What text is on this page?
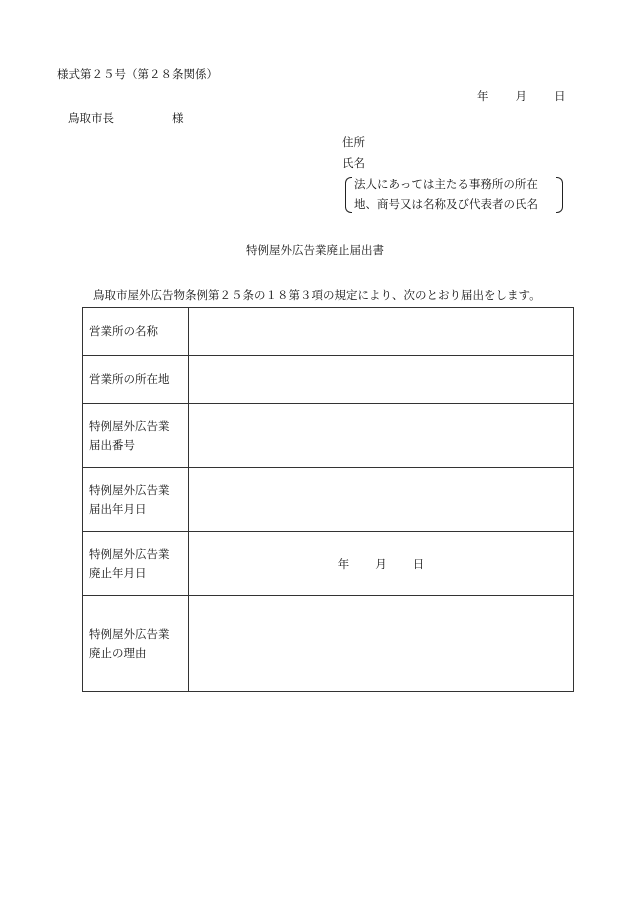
様式第２５号（第２８条関係）
年 月 日
鳥取市長	様
住所
氏名
法人にあっては主たる事務所の所在
地、商号又は名称及び代表者の氏名
特例屋外広告業廃止届出書
鳥取市屋外広告物条例第２５条の１８第３項の規定により、次のとおり届出をします。
営業所の名称	
営業所の所在地	
特例屋外広告業
届出番号	
特例屋外広告業
届出年月日	
特例屋外広告業
廃止年月日	年 月 日
特例屋外広告業
廃止の理由	
